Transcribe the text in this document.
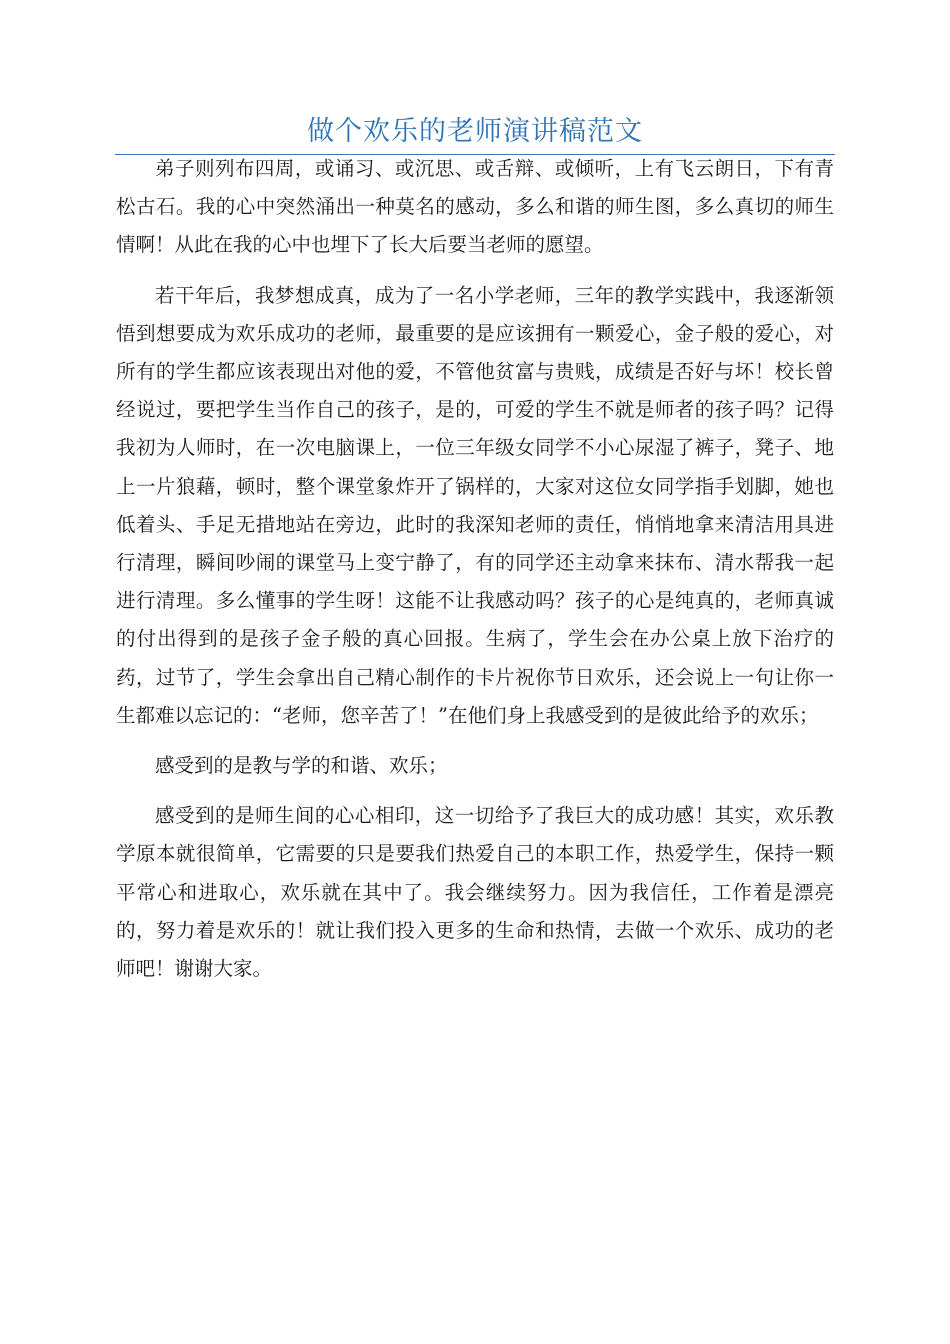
做个欢乐的老师演讲稿范文

弟子则列布四周，或诵习、或沉思、或舌辩、或倾听，上有飞云朗日，下有青松古石。我的心中突然涌出一种莫名的感动，多么和谐的师生图，多么真切的师生情啊！从此在我的心中也埋下了长大后要当老师的愿望。

若干年后，我梦想成真，成为了一名小学老师，三年的教学实践中，我逐渐领悟到想要成为欢乐成功的老师，最重要的是应该拥有一颗爱心，金子般的爱心，对所有的学生都应该表现出对他的爱，不管他贫富与贵贱，成绩是否好与坏！校长曾经说过，要把学生当作自己的孩子，是的，可爱的学生不就是师者的孩子吗？记得我初为人师时，在一次电脑课上，一位三年级女同学不小心尿湿了裤子，凳子、地上一片狼藉，顿时，整个课堂象炸开了锅样的，大家对这位女同学指手划脚，她也低着头、手足无措地站在旁边，此时的我深知老师的责任，悄悄地拿来清洁用具进行清理，瞬间吵闹的课堂马上变宁静了，有的同学还主动拿来抹布、清水帮我一起进行清理。多么懂事的学生呀！这能不让我感动吗？孩子的心是纯真的，老师真诚的付出得到的是孩子金子般的真心回报。生病了，学生会在办公桌上放下治疗的药，过节了，学生会拿出自己精心制作的卡片祝你节日欢乐，还会说上一句让你一生都难以忘记的：“老师，您辛苦了！”在他们身上我感受到的是彼此给予的欢乐；

感受到的是教与学的和谐、欢乐；

感受到的是师生间的心心相印，这一切给予了我巨大的成功感！其实，欢乐教学原本就很简单，它需要的只是要我们热爱自己的本职工作，热爱学生，保持一颗平常心和进取心，欢乐就在其中了。我会继续努力。因为我信任，工作着是漂亮的，努力着是欢乐的！就让我们投入更多的生命和热情，去做一个欢乐、成功的老师吧！谢谢大家。
